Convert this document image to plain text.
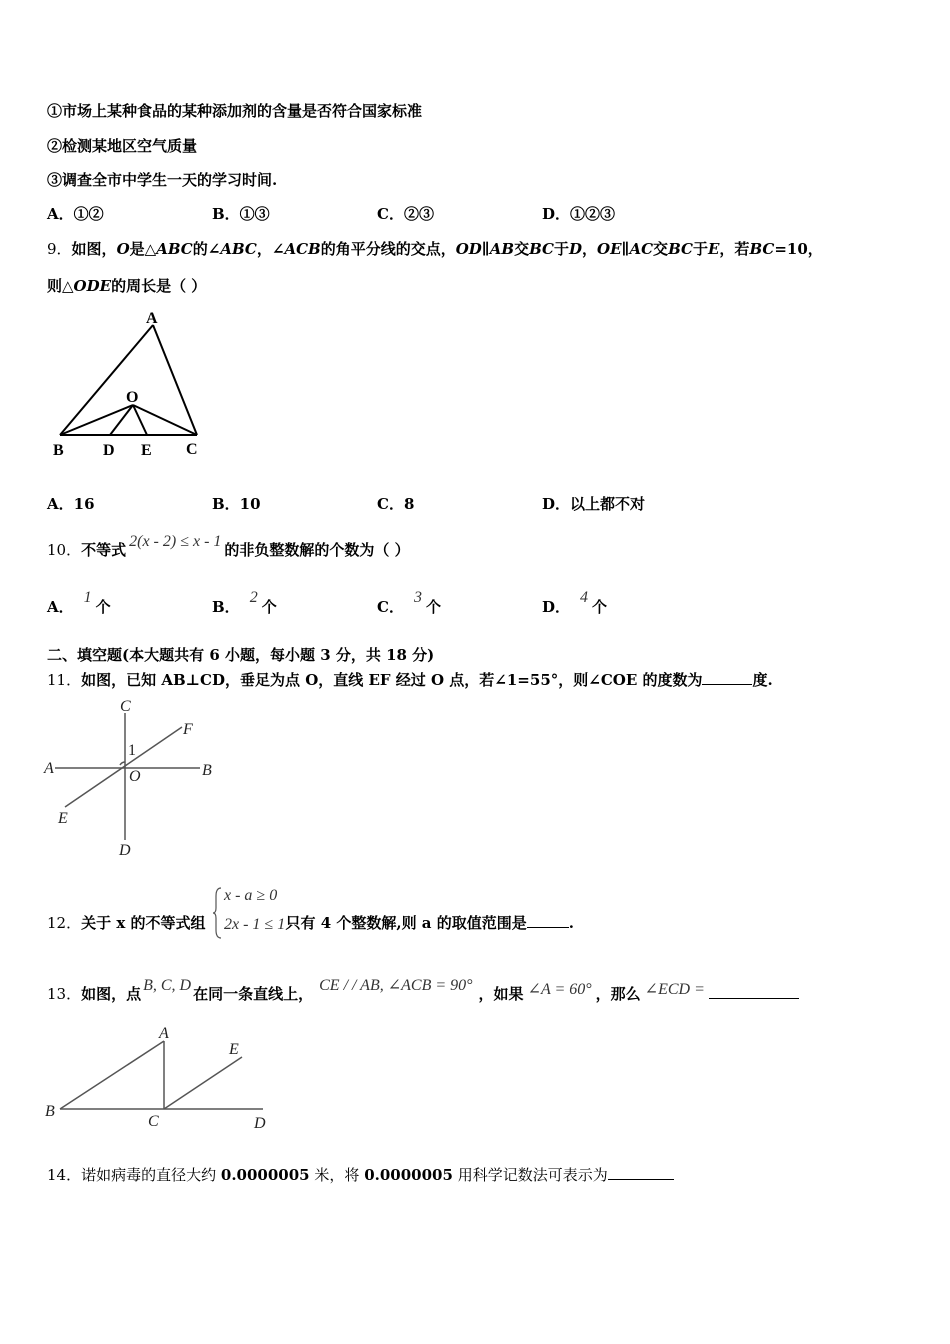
①市场上某种食品的某种添加剂的含量是否符合国家标准
②检测某地区空气质量
③调查全市中学生一天的学习时间.
A．①②	B．①③	C．②③	D．①②③
9．如图，O是△ABC的∠ABC，∠ACB的角平分线的交点，OD∥AB交BC于D，OE∥AC交BC于E，若BC=10，
则△ODE的周长是（ ）
A
O
B D E C
A．16	B．10	C．8	D．以上都不对
10．不等式 2(x - 2) ≤ x - 1 的非负整数解的个数为（ ）
A．1个	B．2个	C．3个	D．4个
二、填空题(本大题共有 6 小题，每小题 3 分，共 18 分)
11．如图，已知 AB⊥CD，垂足为点 O，直线 EF 经过 O 点，若∠1=55°，则∠COE 的度数为	度.
C
F
1
A	O	B
E
D
12．关于 x 的不等式组	只有 4 个整数解,则 a 的取值范围是	.
x - a ≥ 0
2x - 1 ≤ 1
13．如图，点 B, C, D 在同一条直线上， CE / / AB, ∠ACB = 90° ，如果 ∠A = 60° ，那么 ∠ECD =
A
E
B
C	D
14．诺如病毒的直径大约 0.0000005 米，将 0.0000005 用科学记数法可表示为
